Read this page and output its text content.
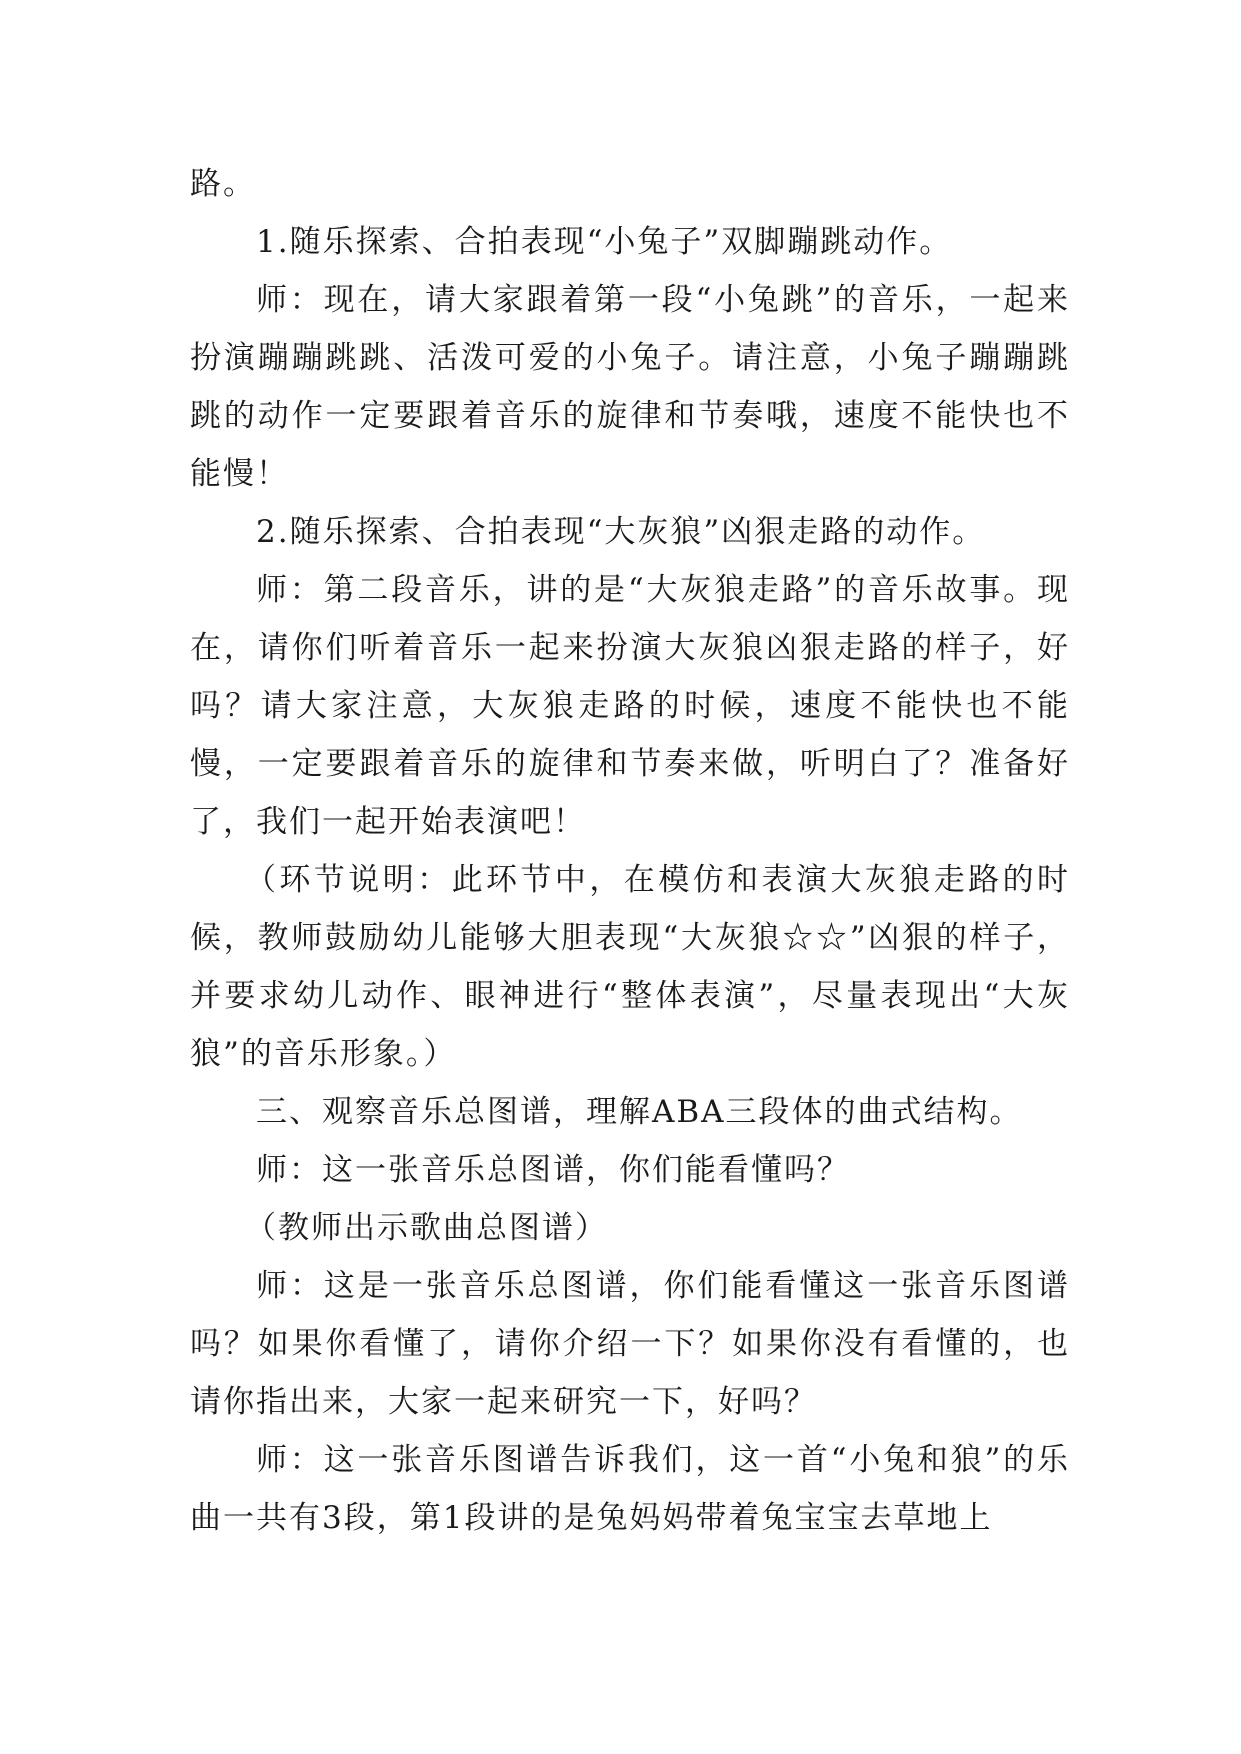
路。

1.随乐探索、合拍表现“小兔子”双脚蹦跳动作。

师：现在，请大家跟着第一段“小兔跳”的音乐，一起来扮演蹦蹦跳跳、活泼可爱的小兔子。请注意，小兔子蹦蹦跳跳的动作一定要跟着音乐的旋律和节奏哦，速度不能快也不能慢！

2.随乐探索、合拍表现“大灰狼”凶狠走路的动作。

师：第二段音乐，讲的是“大灰狼走路”的音乐故事。现在，请你们听着音乐一起来扮演大灰狼凶狠走路的样子，好吗？请大家注意，大灰狼走路的时候，速度不能快也不能慢，一定要跟着音乐的旋律和节奏来做，听明白了？准备好了，我们一起开始表演吧！

（环节说明：此环节中，在模仿和表演大灰狼走路的时候，教师鼓励幼儿能够大胆表现“大灰狼☆☆”凶狠的样子，并要求幼儿动作、眼神进行“整体表演”，尽量表现出“大灰狼”的音乐形象。）

三、观察音乐总图谱，理解ABA三段体的曲式结构。

师：这一张音乐总图谱，你们能看懂吗？

（教师出示歌曲总图谱）

师：这是一张音乐总图谱，你们能看懂这一张音乐图谱吗？如果你看懂了，请你介绍一下？如果你没有看懂的，也请你指出来，大家一起来研究一下，好吗？

师：这一张音乐图谱告诉我们，这一首“小兔和狼”的乐曲一共有3段，第1段讲的是兔妈妈带着兔宝宝去草地上
